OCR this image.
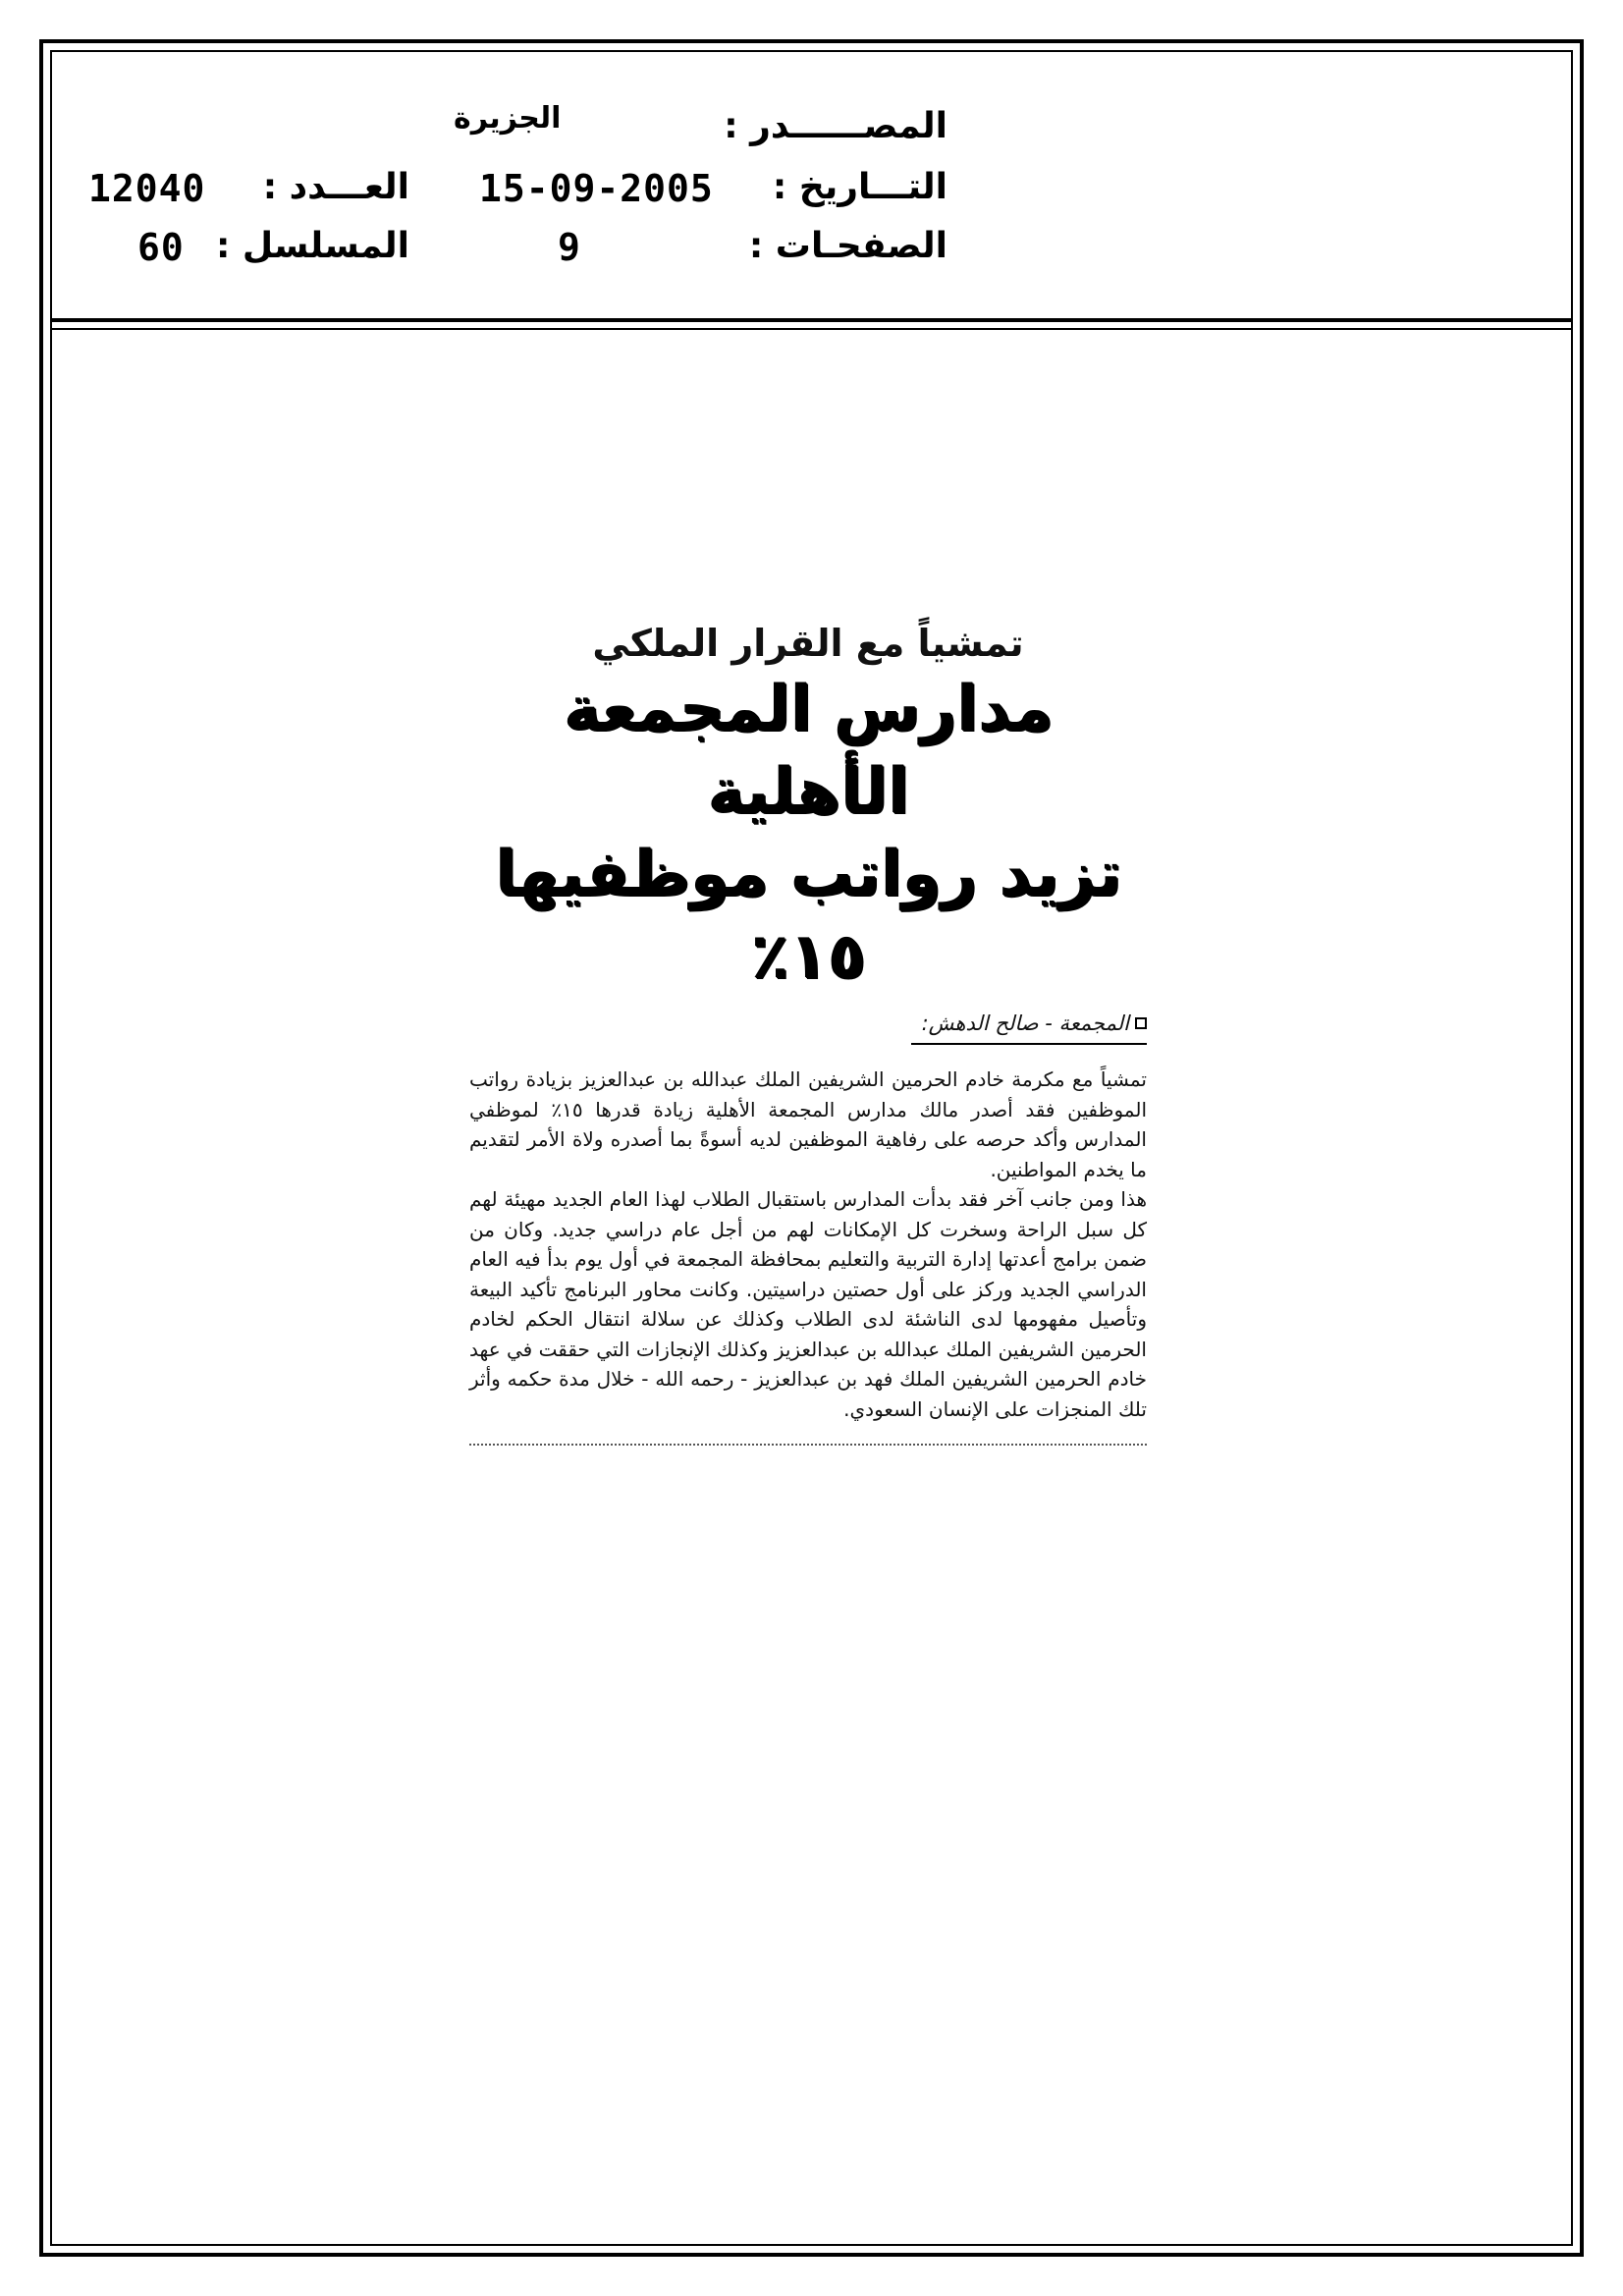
المصــــــدر :
الجزيرة
التـــاريخ :
15-09-2005
العـــدد :
12040
الصفحـات :
9
المسلسل :
60
تمشياً مع القرار الملكي
مدارس المجمعة الأهلية
تزيد رواتب موظفيها ١٥٪
المجمعة - صالح الدهش:

تمشياً مع مكرمة خادم الحرمين الشريفين الملك عبدالله بن عبدالعزيز بزيادة رواتب الموظفين فقد أصدر مالك مدارس المجمعة الأهلية زيادة قدرها ١٥٪ لموظفي المدارس وأكد حرصه على رفاهية الموظفين لديه أسوةً بما أصدره ولاة الأمر لتقديم ما يخدم المواطنين.

هذا ومن جانب آخر فقد بدأت المدارس باستقبال الطلاب لهذا العام الجديد مهيئة لهم كل سبل الراحة وسخرت كل الإمكانات لهم من أجل عام دراسي جديد. وكان من ضمن برامج أعدتها إدارة التربية والتعليم بمحافظة المجمعة في أول يوم بدأ فيه العام الدراسي الجديد وركز على أول حصتين دراسيتين. وكانت محاور البرنامج تأكيد البيعة وتأصيل مفهومها لدى الناشئة لدى الطلاب وكذلك عن سلالة انتقال الحكم لخادم الحرمين الشريفين الملك عبدالله بن عبدالعزيز وكذلك الإنجازات التي حققت في عهد خادم الحرمين الشريفين الملك فهد بن عبدالعزيز - رحمه الله - خلال مدة حكمه وأثر تلك المنجزات على الإنسان السعودي.
